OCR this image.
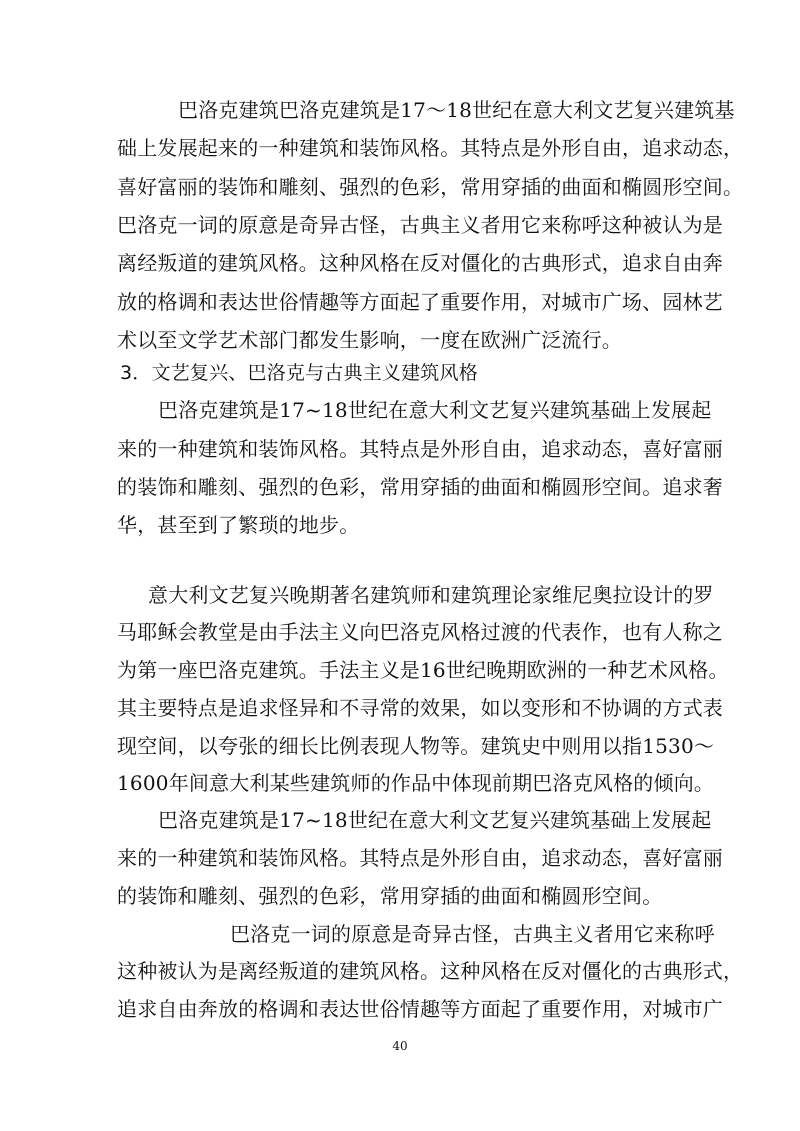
巴洛克建筑巴洛克建筑是17～18世纪在意大利文艺复兴建筑基
础上发展起来的一种建筑和装饰风格。其特点是外形自由，追求动态，
喜好富丽的装饰和雕刻、强烈的色彩，常用穿插的曲面和椭圆形空间。
巴洛克一词的原意是奇异古怪，古典主义者用它来称呼这种被认为是
离经叛道的建筑风格。这种风格在反对僵化的古典形式，追求自由奔
放的格调和表达世俗情趣等方面起了重要作用，对城市广场、园林艺
术以至文学艺术部门都发生影响，一度在欧洲广泛流行。
3．文艺复兴、巴洛克与古典主义建筑风格
巴洛克建筑是17~18世纪在意大利文艺复兴建筑基础上发展起
来的一种建筑和装饰风格。其特点是外形自由，追求动态，喜好富丽
的装饰和雕刻、强烈的色彩，常用穿插的曲面和椭圆形空间。追求奢
华，甚至到了繁琐的地步。
意大利文艺复兴晚期著名建筑师和建筑理论家维尼奥拉设计的罗
马耶稣会教堂是由手法主义向巴洛克风格过渡的代表作，也有人称之
为第一座巴洛克建筑。手法主义是16世纪晚期欧洲的一种艺术风格。
其主要特点是追求怪异和不寻常的效果，如以变形和不协调的方式表
现空间，以夸张的细长比例表现人物等。建筑史中则用以指1530～
1600年间意大利某些建筑师的作品中体现前期巴洛克风格的倾向。
巴洛克建筑是17~18世纪在意大利文艺复兴建筑基础上发展起
来的一种建筑和装饰风格。其特点是外形自由，追求动态，喜好富丽
的装饰和雕刻、强烈的色彩，常用穿插的曲面和椭圆形空间。
巴洛克一词的原意是奇异古怪，古典主义者用它来称呼
这种被认为是离经叛道的建筑风格。这种风格在反对僵化的古典形式，
追求自由奔放的格调和表达世俗情趣等方面起了重要作用，对城市广
40
